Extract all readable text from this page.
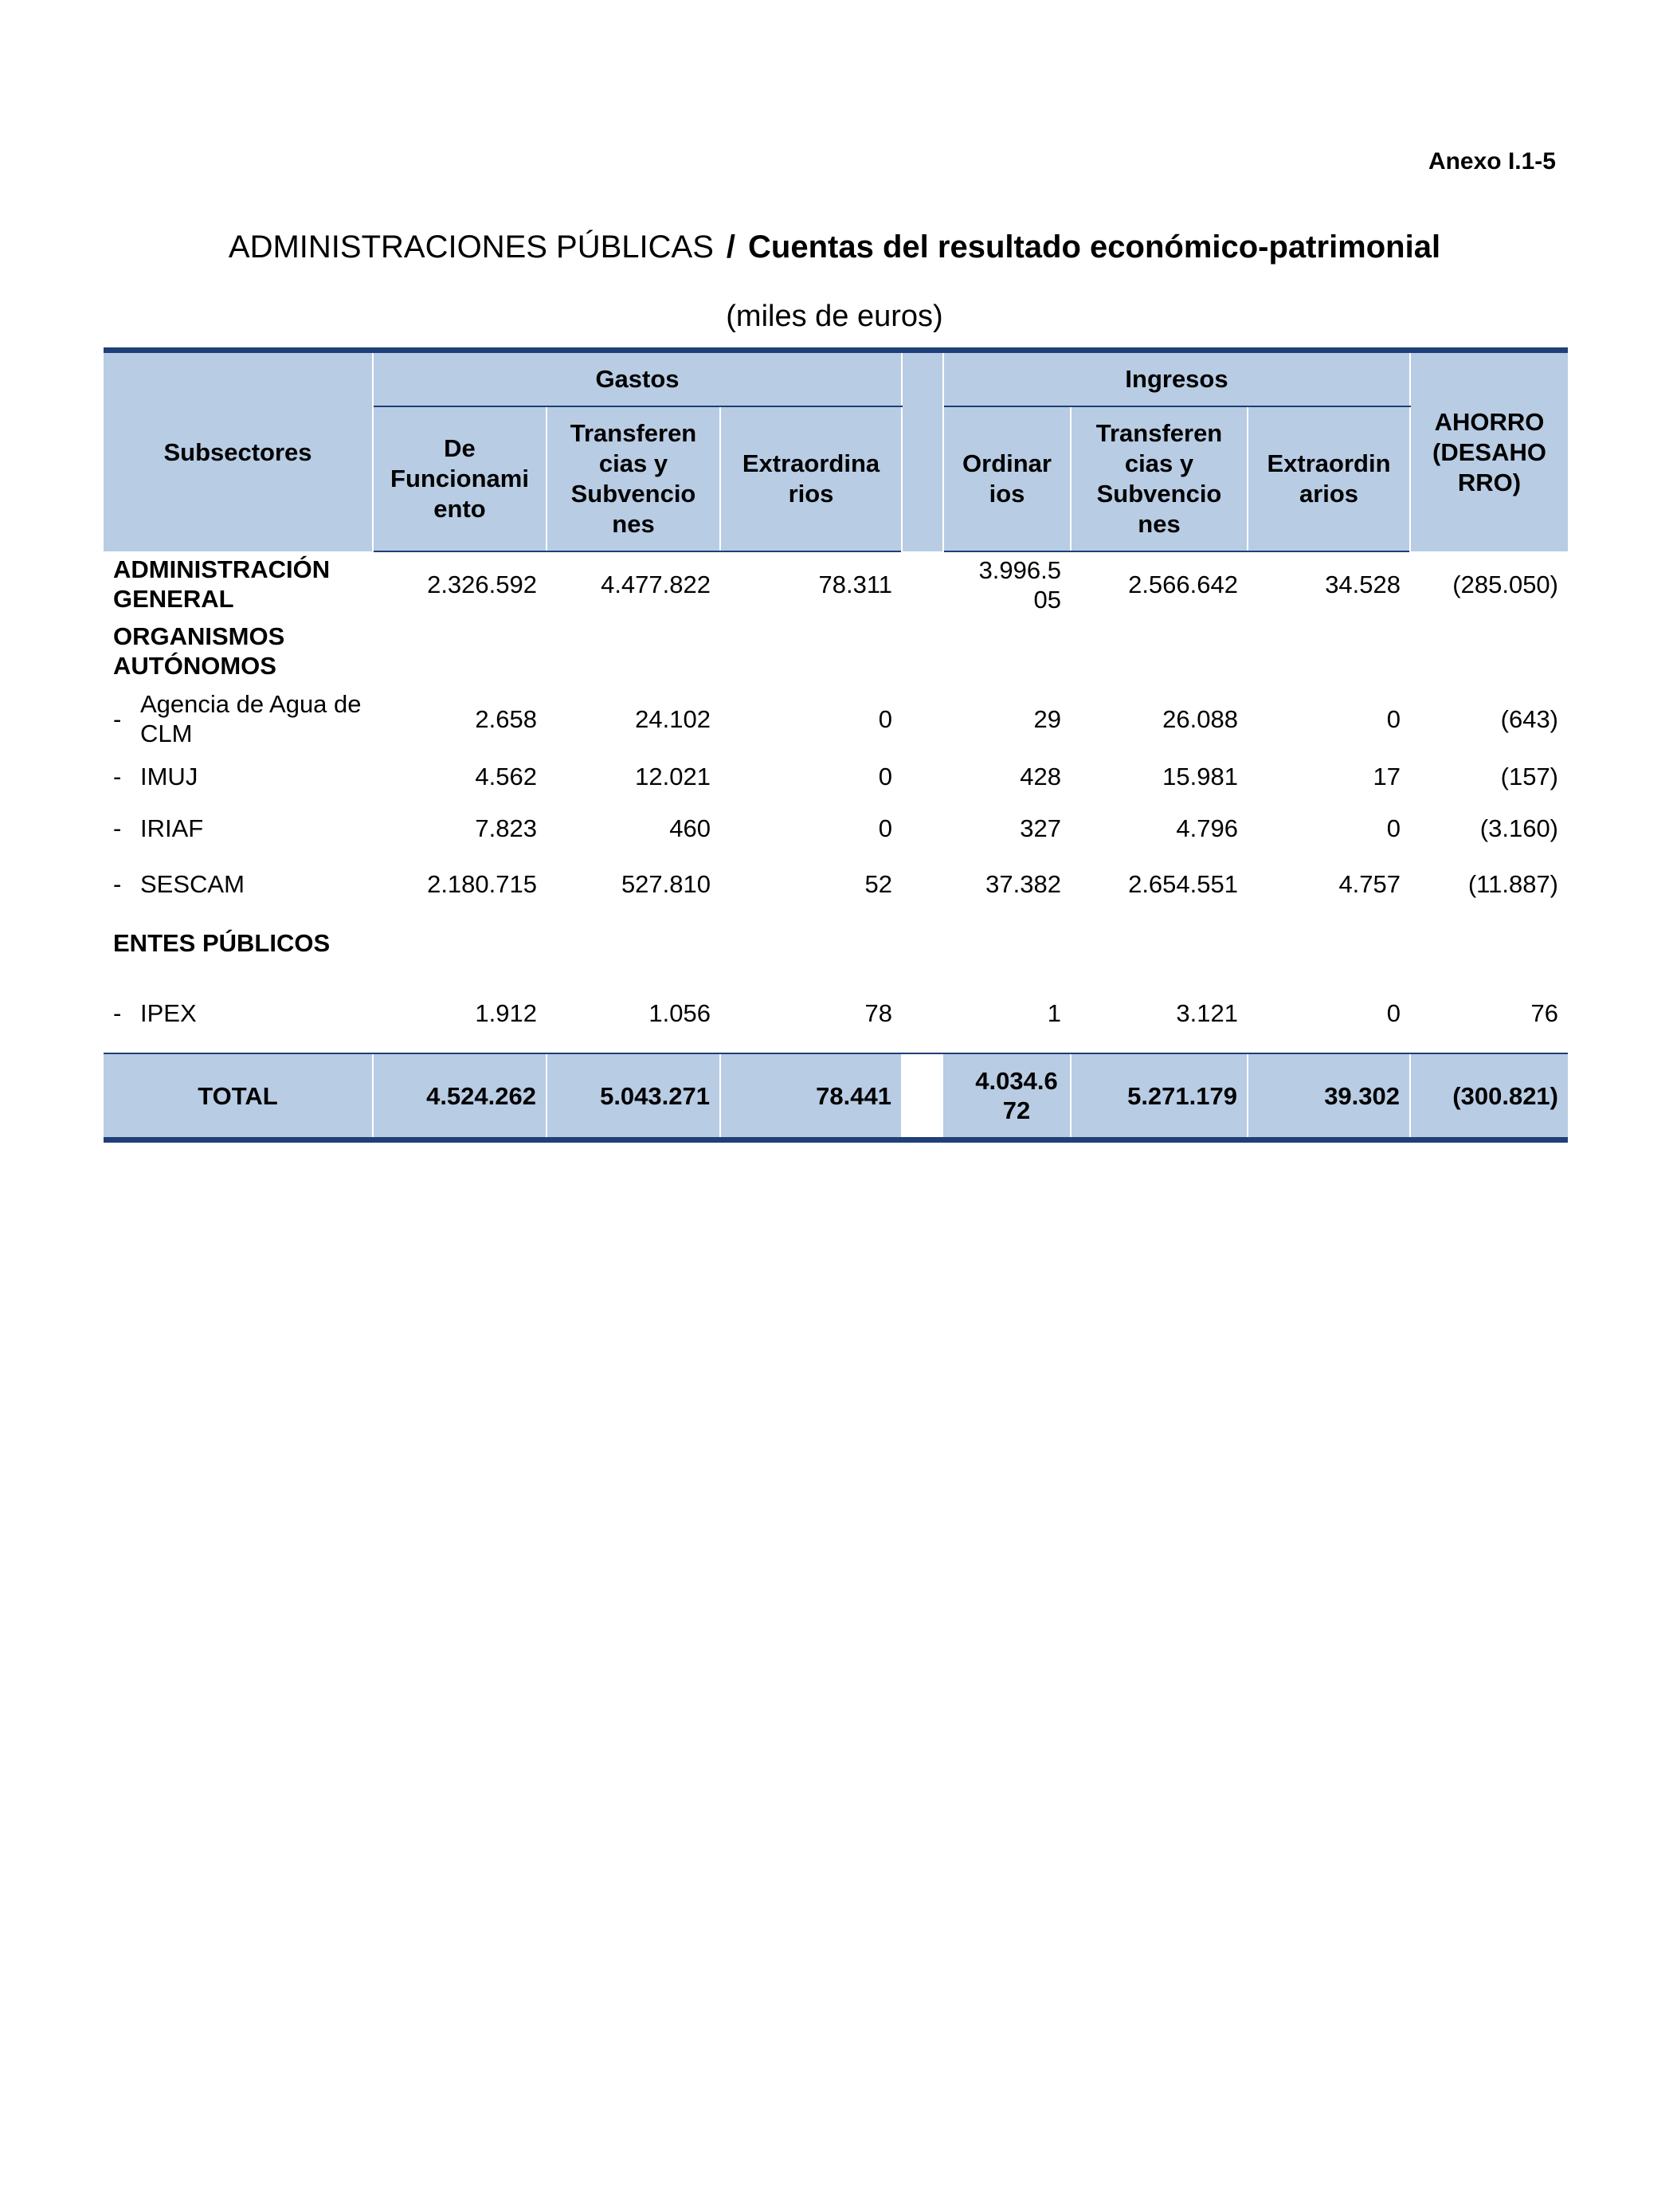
Anexo I.1-5
ADMINISTRACIONES PÚBLICAS / Cuentas del resultado económico-patrimonial
(miles de euros)
Subsectores	Gastos				Ingresos			AHORRO (DESAHO RRO)
	De Funcionami ento	Transferen cias y Subvencio nes	Extraordina rios		Ordinar ios	Transferen cias y Subvencio nes	Extraordin arios	
ADMINISTRACIÓN GENERAL	2.326.592	4.477.822	78.311		3.996.5 05	2.566.642	34.528	(285.050)
ORGANISMOS AUTÓNOMOS								

-
Agencia de Agua de CLM	2.658	24.102	0		29	26.088	0	(643)

- IMUJ	4.562	12.021	0		428	15.981	17	(157)

- IRIAF	7.823	460	0		327	4.796	0	(3.160)

- SESCAM	2.180.715	527.810	52		37.382	2.654.551	4.757	(11.887)
ENTES PÚBLICOS								

- IPEX	1.912	1.056	78		1	3.121	0	76
TOTAL	4.524.262	5.043.271	78.441		4.034.6 72	5.271.179	39.302	(300.821)
